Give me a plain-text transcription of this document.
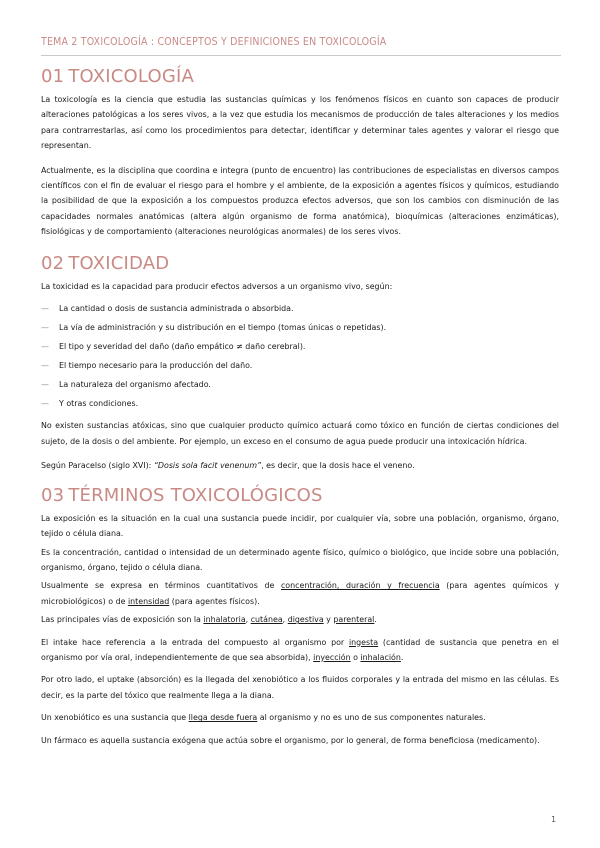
TEMA 2 TOXICOLOGÍA : CONCEPTOS Y DEFINICIONES EN TOXICOLOGÍA
01 TOXICOLOGÍA

La toxicología es la ciencia que estudia las sustancias químicas y los fenómenos físicos en cuanto son capaces de producir alteraciones patológicas a los seres vivos, a la vez que estudia los mecanismos de producción de tales alteraciones y los medios para contrarrestarlas, así como los procedimientos para detectar, identificar y determinar tales agentes y valorar el riesgo que representan.

Actualmente, es la disciplina que coordina e integra (punto de encuentro) las contribuciones de especialistas en diversos campos científicos con el fin de evaluar el riesgo para el hombre y el ambiente, de la exposición a agentes físicos y químicos, estudiando la posibilidad de que la exposición a los compuestos produzca efectos adversos, que son los cambios con disminución de las capacidades normales anatómicas (altera algún organismo de forma anatómica), bioquímicas (alteraciones enzimáticas), fisiológicas y de comportamiento (alteraciones neurológicas anormales) de los seres vivos.

02 TOXICIDAD

La toxicidad es la capacidad para producir efectos adversos a un organismo vivo, según:

— La cantidad o dosis de sustancia administrada o absorbida.
— La vía de administración y su distribución en el tiempo (tomas únicas o repetidas).
— El tipo y severidad del daño (daño empático ≠ daño cerebral).
— El tiempo necesario para la producción del daño.
— La naturaleza del organismo afectado.
— Y otras condiciones.

No existen sustancias atóxicas, sino que cualquier producto químico actuará como tóxico en función de ciertas condiciones del sujeto, de la dosis o del ambiente. Por ejemplo, un exceso en el consumo de agua puede producir una intoxicación hídrica.

Según Paracelso (siglo XVI): “Dosis sola facit venenum”, es decir, que la dosis hace el veneno.

03 TÉRMINOS TOXICOLÓGICOS

La exposición es la situación en la cual una sustancia puede incidir, por cualquier vía, sobre una población, organismo, órgano, tejido o célula diana.

Es la concentración, cantidad o intensidad de un determinado agente físico, químico o biológico, que incide sobre una población, organismo, órgano, tejido o célula diana.

Usualmente se expresa en términos cuantitativos de concentración, duración y frecuencia (para agentes químicos y microbiológicos) o de intensidad (para agentes físicos).

Las principales vías de exposición son la inhalatoria, cutánea, digestiva y parenteral.

El intake hace referencia a la entrada del compuesto al organismo por ingesta (cantidad de sustancia que penetra en el organismo por vía oral, independientemente de que sea absorbida), inyección o inhalación.

Por otro lado, el uptake (absorción) es la llegada del xenobiótico a los fluidos corporales y la entrada del mismo en las células. Es decir, es la parte del tóxico que realmente llega a la diana.

Un xenobiótico es una sustancia que llega desde fuera al organismo y no es uno de sus componentes naturales.

Un fármaco es aquella sustancia exógena que actúa sobre el organismo, por lo general, de forma beneficiosa (medicamento).

1
